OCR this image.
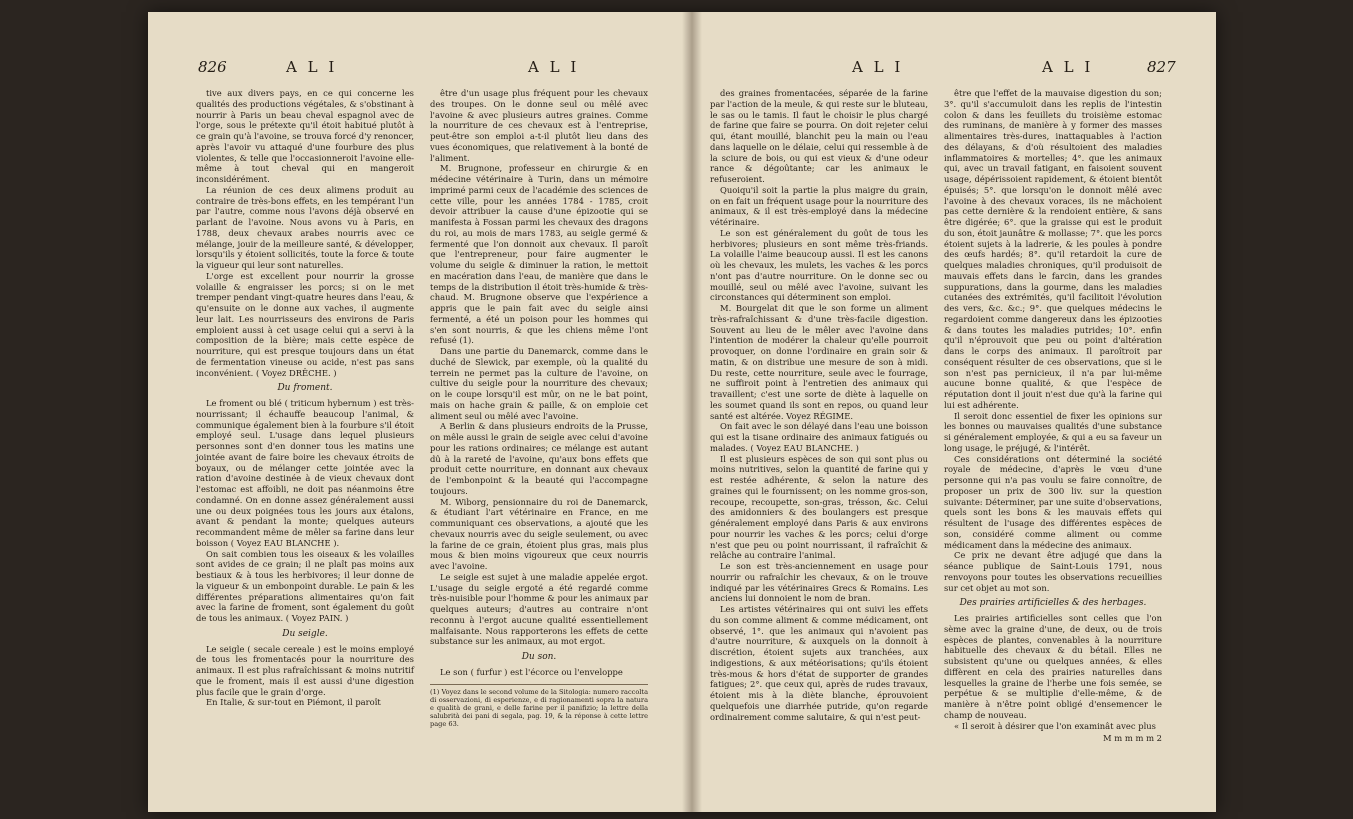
826	A L I	A L I

tive aux divers pays, en ce qui concerne les qualités des productions végétales, & s'obstinant à nourrir à Paris un beau cheval espagnol avec de l'orge, sous le prétexte qu'il étoit habitué plutôt à ce grain qu'à l'avoine, se trouva forcé d'y renoncer, après l'avoir vu attaqué d'une fourbure des plus violentes, & telle que l'occasionneroit l'avoine elle-même à tout cheval qui en mangeroit inconsidérément.

La réunion de ces deux alimens produit au contraire de très-bons effets, en les tempérant l'un par l'autre, comme nous l'avons déjà observé en parlant de l'avoine. Nous avons vu à Paris, en 1788, deux chevaux arabes nourris avec ce mélange, jouir de la meilleure santé, & développer, lorsqu'ils y étoient sollicités, toute la force & toute la vigueur qui leur sont naturelles.

L'orge est excellent pour nourrir la grosse volaille & engraisser les porcs; si on le met tremper pendant vingt-quatre heures dans l'eau, & qu'ensuite on le donne aux vaches, il augmente leur lait. Les nourrisseurs des environs de Paris emploient aussi à cet usage celui qui a servi à la composition de la bière; mais cette espèce de nourriture, qui est presque toujours dans un état de fermentation vineuse ou acide, n'est pas sans inconvénient. ( Voyez DRÊCHE. )

Du froment.

Le froment ou blé ( triticum hybernum ) est très-nourrissant; il échauffe beaucoup l'animal, & communique également bien à la fourbure s'il étoit employé seul. L'usage dans lequel plusieurs personnes sont d'en donner tous les matins une jointée avant de faire boire les chevaux étroits de boyaux, ou de mélanger cette jointée avec la ration d'avoine destinée à de vieux chevaux dont l'estomac est affoibli, ne doit pas néanmoins être condamné. On en donne assez généralement aussi une ou deux poignées tous les jours aux étalons, avant & pendant la monte; quelques auteurs recommandent même de mêler sa farine dans leur boisson ( Voyez EAU BLANCHE ).

On sait combien tous les oiseaux & les volailles sont avides de ce grain; il ne plaît pas moins aux bestiaux & à tous les herbivores; il leur donne de la vigueur & un embonpoint durable. Le pain & les différentes préparations alimentaires qu'on fait avec la farine de froment, sont également du goût de tous les animaux. ( Voyez PAIN. )

Du seigle.

Le seigle ( secale cereale ) est le moins employé de tous les fromentacés pour la nourriture des animaux. Il est plus rafraîchissant & moins nutritif que le froment, mais il est aussi d'une digestion plus facile que le grain d'orge.

En Italie, & sur-tout en Piémont, il paroît

être d'un usage plus fréquent pour les chevaux des troupes. On le donne seul ou mêlé avec l'avoine & avec plusieurs autres graines. Comme la nourriture de ces chevaux est à l'entreprise, peut-être son emploi a-t-il plutôt lieu dans des vues économiques, que relativement à la bonté de l'aliment.

M. Brugnone, professeur en chirurgie & en médecine vétérinaire à Turin, dans un mémoire imprimé parmi ceux de l'académie des sciences de cette ville, pour les années 1784 - 1785, croit devoir attribuer la cause d'une épizootie qui se manifesta à Fossan parmi les chevaux des dragons du roi, au mois de mars 1783, au seigle germé & fermenté que l'on donnoit aux chevaux. Il paroît que l'entrepreneur, pour faire augmenter le volume du seigle & diminuer la ration, le mettoit en macération dans l'eau, de manière que dans le temps de la distribution il étoit très-humide & très-chaud. M. Brugnone observe que l'expérience a appris que le pain fait avec du seigle ainsi fermenté, a été un poison pour les hommes qui s'en sont nourris, & que les chiens même l'ont refusé (1).

Dans une partie du Danemarck, comme dans le duché de Slewick, par exemple, où la qualité du terrein ne permet pas la culture de l'avoine, on cultive du seigle pour la nourriture des chevaux; on le coupe lorsqu'il est mûr, on ne le bat point, mais on hache grain & paille, & on emploie cet aliment seul ou mêlé avec l'avoine.

A Berlin & dans plusieurs endroits de la Prusse, on mêle aussi le grain de seigle avec celui d'avoine pour les rations ordinaires; ce mélange est autant dû à la rareté de l'avoine, qu'aux bons effets que produit cette nourriture, en donnant aux chevaux de l'embonpoint & la beauté qui l'accompagne toujours.

M. Wiborg, pensionnaire du roi de Danemarck, & étudiant l'art vétérinaire en France, en me communiquant ces observations, a ajouté que les chevaux nourris avec du seigle seulement, ou avec la farine de ce grain, étoient plus gras, mais plus mous & bien moins vigoureux que ceux nourris avec l'avoine.

Le seigle est sujet à une maladie appelée ergot. L'usage du seigle ergoté a été regardé comme très-nuisible pour l'homme & pour les animaux par quelques auteurs; d'autres au contraire n'ont reconnu à l'ergot aucune qualité essentiellement malfaisante. Nous rapporterons les effets de cette substance sur les animaux, au mot ergot.

Du son.

Le son ( furfur ) est l'écorce ou l'enveloppe

(1) Voyez dans le second volume de la Sitologia: numero raccolta di osservazioni, di esperienze, e di ragionamenti sopra la natura e qualità de grani, e delle farine per il panifizio; la lettre della salubrità dei pani di segala, pag. 19, & la réponse à cette lettre page 63.
A L I	A L I	827

des graines fromentacées, séparée de la farine par l'action de la meule, & qui reste sur le bluteau, le sas ou le tamis. Il faut le choisir le plus chargé de farine que faire se pourra. On doit rejeter celui qui, étant mouillé, blanchit peu la main ou l'eau dans laquelle on le délaie, celui qui ressemble à de la sciure de bois, ou qui est vieux & d'une odeur rance & dégoûtante; car les animaux le refuseroient.

Quoiqu'il soit la partie la plus maigre du grain, on en fait un fréquent usage pour la nourriture des animaux, & il est très-employé dans la médecine vétérinaire.

Le son est généralement du goût de tous les herbivores; plusieurs en sont même très-friands. La volaille l'aime beaucoup aussi. Il est les canons où les chevaux, les mulets, les vaches & les porcs n'ont pas d'autre nourriture. On le donne sec ou mouillé, seul ou mêlé avec l'avoine, suivant les circonstances qui déterminent son emploi.

M. Bourgelat dit que le son forme un aliment très-rafraîchissant & d'une très-facile digestion. Souvent au lieu de le mêler avec l'avoine dans l'intention de modérer la chaleur qu'elle pourroit provoquer, on donne l'ordinaire en grain soir & matin, & on distribue une mesure de son à midi. Du reste, cette nourriture, seule avec le fourrage, ne suffiroit point à l'entretien des animaux qui travaillent; c'est une sorte de diète à laquelle on les soumet quand ils sont en repos, ou quand leur santé est altérée. Voyez RÉGIME.

On fait avec le son délayé dans l'eau une boisson qui est la tisane ordinaire des animaux fatigués ou malades. ( Voyez EAU BLANCHE. )

Il est plusieurs espèces de son qui sont plus ou moins nutritives, selon la quantité de farine qui y est restée adhérente, & selon la nature des graines qui le fournissent; on les nomme gros-son, recoupe, recoupette, son-gras, trésson, &c. Celui des amidonniers & des boulangers est presque généralement employé dans Paris & aux environs pour nourrir les vaches & les porcs; celui d'orge n'est que peu ou point nourrissant, il rafraîchit & relâche au contraire l'animal.

Le son est très-anciennement en usage pour nourrir ou rafraîchir les chevaux, & on le trouve indiqué par les vétérinaires Grecs & Romains. Les anciens lui donnoient le nom de bran.

Les artistes vétérinaires qui ont suivi les effets du son comme aliment & comme médicament, ont observé, 1°. que les animaux qui n'avoient pas d'autre nourriture, & auxquels on la donnoit à discrétion, étoient sujets aux tranchées, aux indigestions, & aux météorisations; qu'ils étoient très-mous & hors d'état de supporter de grandes fatigues; 2°. que ceux qui, après de rudes travaux, étoient mis à la diète blanche, éprouvoient quelquefois une diarrhée putride, qu'on regarde ordinairement comme salutaire, & qui n'est peut-

être que l'effet de la mauvaise digestion du son; 3°. qu'il s'accumuloit dans les replis de l'intestin colon & dans les feuillets du troisième estomac des ruminans, de manière à y former des masses alimentaires très-dures, inattaquables à l'action des délayans, & d'où résultoient des maladies inflammatoires & mortelles; 4°. que les animaux qui, avec un travail fatigant, en faisoient souvent usage, dépérissoient rapidement, & étoient bientôt épuisés; 5°. que lorsqu'on le donnoit mêlé avec l'avoine à des chevaux voraces, ils ne mâchoient pas cette dernière & la rendoient entière, & sans être digérée; 6°. que la graisse qui est le produit du son, étoit jaunâtre & mollasse; 7°. que les porcs étoient sujets à la ladrerie, & les poules à pondre des œufs hardés; 8°. qu'il retardoit la cure de quelques maladies chroniques, qu'il produisoit de mauvais effets dans le farcin, dans les grandes suppurations, dans la gourme, dans les maladies cutanées des extrémités, qu'il facilitoit l'évolution des vers, &c. &c.; 9°. que quelques médecins le regardoient comme dangereux dans les épizooties & dans toutes les maladies putrides; 10°. enfin qu'il n'éprouvoit que peu ou point d'altération dans le corps des animaux. Il paroîtroit par conséquent résulter de ces observations, que si le son n'est pas pernicieux, il n'a par lui-même aucune bonne qualité, & que l'espèce de réputation dont il jouit n'est due qu'à la farine qui lui est adhérente.

Il seroit donc essentiel de fixer les opinions sur les bonnes ou mauvaises qualités d'une substance si généralement employée, & qui a eu sa faveur un long usage, le préjugé, & l'intérêt.

Ces considérations ont déterminé la société royale de médecine, d'après le vœu d'une personne qui n'a pas voulu se faire connoître, de proposer un prix de 300 liv. sur la question suivante: Déterminer, par une suite d'observations, quels sont les bons & les mauvais effets qui résultent de l'usage des différentes espèces de son, considéré comme aliment ou comme médicament dans la médecine des animaux.

Ce prix ne devant être adjugé que dans la séance publique de Saint-Louis 1791, nous renvoyons pour toutes les observations recueillies sur cet objet au mot son.

Des prairies artificielles & des herbages.

Les prairies artificielles sont celles que l'on sème avec la graine d'une, de deux, ou de trois espèces de plantes, convenables à la nourriture habituelle des chevaux & du bétail. Elles ne subsistent qu'une ou quelques années, & elles diffèrent en cela des prairies naturelles dans lesquelles la graine de l'herbe une fois semée, se perpétue & se multiplie d'elle-même, & de manière à n'être point obligé d'ensemencer le champ de nouveau.

« Il seroit à désirer que l'on examinât avec plus

M m m m m 2
